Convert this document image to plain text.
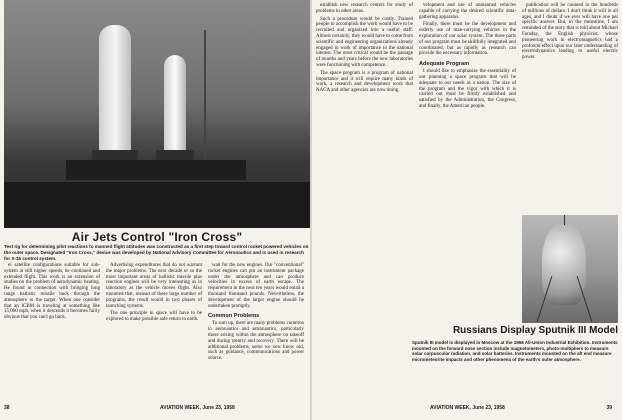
Air Jets Control "Iron Cross"
Test rig for determining pilot reactions to manned flight attitudes was constructed as a first step toward control rocket powered vehicles on the outer space. Designated "Iron Cross," device was developed by National Advisory Committee for Aeronautics and is used in research for X-15 control system.

el satellite configurations suitable for sub-system at still higher speeds, he continued and extended flight. This work is an extension of studies on the problem of aerodynamic heating. He found in connection with bringing long range ballistic missile back through the atmosphere to the target. When one consider that an ICBM is traveling at something like 15,000 mph, when it descends it becomes fairly obvious that you can't go back.

Advertising expenditures that do not warrant the major problems. The next decade or so the most important areas of ballistic missile plus reaction engines will be very interesting as in laboratory as the vehicle moves flight. Also mounted that, instead of these large number of programs, the result would in two phases of launching systems.

The one principle in space will have to be explored to make possible safe return to earth.

wait for the new engines. Our "conventional" rocket engines can put an instrument package under the atmosphere and can produce velocities in excess of earth escape. The requirement in the next ten years would entail a thousand thousand pounds. Nevertheless, the development of the larger engine should be undertaken promptly.

Common Problems

To sum up, there are many problems common to aeronautics and astronautics, particularly those arising within the atmosphere on takeoff and during reentry and recovery. There will be additional problems, some we now know old, such as guidance, communications and power source.

38	AVIATION WEEK, June 23, 1958

establish new research centers for study of problems in other areas.

Such a procedure would be costly. Trained people to accomplish the work would have to be recruited and organized into a useful staff. Almost certainly, they would have to come from scientific and engineering organizations already engaged in work of importance to the national interest. The most critical would be the passage of months and years before the new laboratories were functioning with competence.

The space program is a program of national importance and it will require many kinds of work, a research and development work that NACA and other agencies are now doing.

velopment and use of unmanned vehicles capable of carrying the desired scientific data-gathering apparatus.

Finally, there must be the development and orderly use of man-carrying vehicles in the exploration of our solar system. The three parts of our program must be skillfully integrated and coordinated, but as rapidly as research can provide the necessary information.

Adequate Program

I should like to emphasize the essentiality of our planning a space program that will be adequate to our needs as a nation. The size of the program and the vigor with which it is carried out must be firmly established and satisfied by the Administration, the Congress, and finally, the American people.

publication will be counted in the hundreds of millions of dollars. I don't think it will in all ages, and I doubt if we ever will have one per specific answer. But, in the meantime, I am reminded of the story that is told about Michael Faraday, the English physicist, whose pioneering work in electromagnetics had a profound effect upon our later understanding of electrodynamics leading to useful electric power.

Russians Display Sputnik III Model
Sputnik III model is displayed in Moscow at the 1958 All-Union Industrial Exhibition. Instruments mounted on the forward nose section include magnetometers, photo-multipliers to measure solar corpuscular radiation, and solar batteries. Instruments mounted on the aft end measure micrometeorite impacts and other phenomena of the earth's outer atmosphere.
AVIATION WEEK, June 23, 1958	39
